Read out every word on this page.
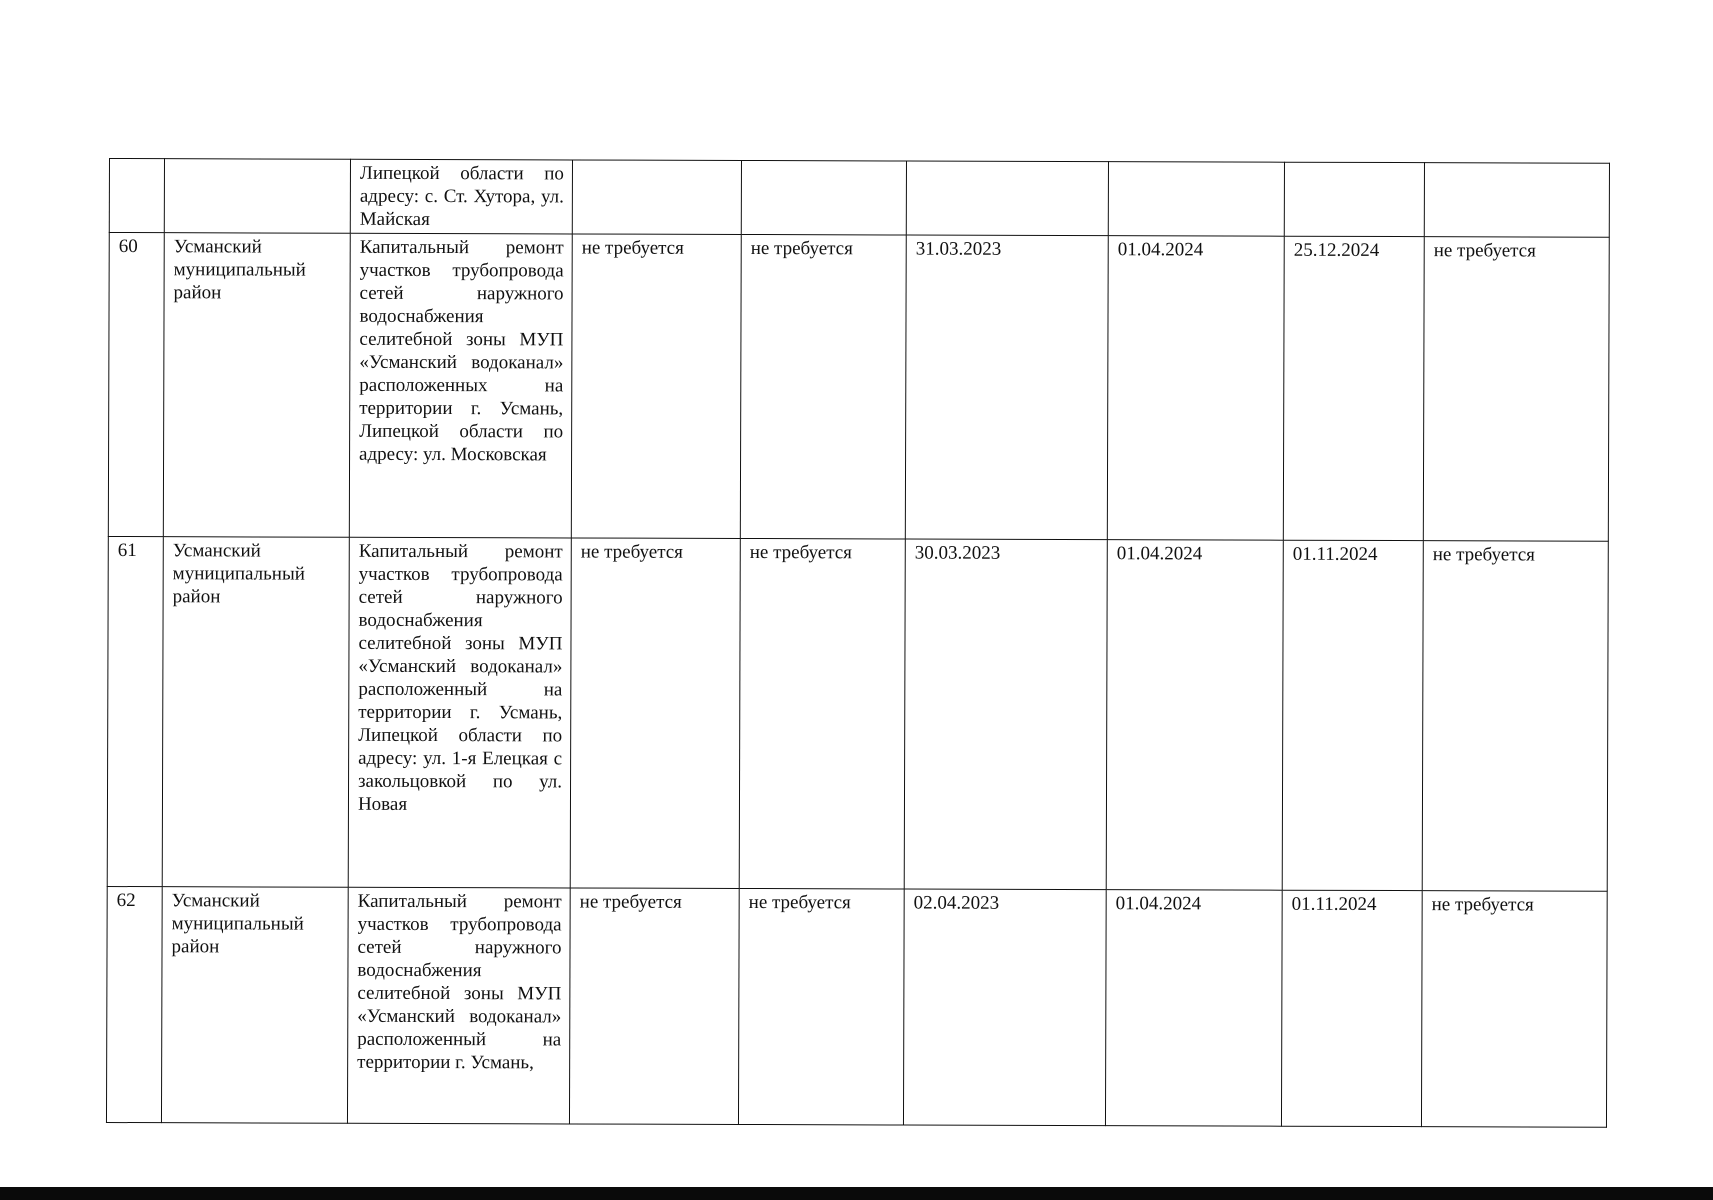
		Липецкой области по адресу: с. Ст. Хутора, ул. Майская						
60	Усманский муниципальный район	Капитальный ремонт участков трубопровода сетей наружного водоснабжения селитебной зоны МУП «Усманский водоканал» расположенных на территории г. Усмань, Липецкой области по адресу: ул. Московская	не требуется	не требуется	31.03.2023	01.04.2024	25.12.2024	не требуется
61	Усманский муниципальный район	Капитальный ремонт участков трубопровода сетей наружного водоснабжения селитебной зоны МУП «Усманский водоканал» расположенный на территории г. Усмань, Липецкой области по адресу: ул. 1-я Елецкая с закольцовкой по ул. Новая	не требуется	не требуется	30.03.2023	01.04.2024	01.11.2024	не требуется
62	Усманский муниципальный район	Капитальный ремонт участков трубопровода сетей наружного водоснабжения селитебной зоны МУП «Усманский водоканал» расположенный на территории г. Усмань,	не требуется	не требуется	02.04.2023	01.04.2024	01.11.2024	не требуется
